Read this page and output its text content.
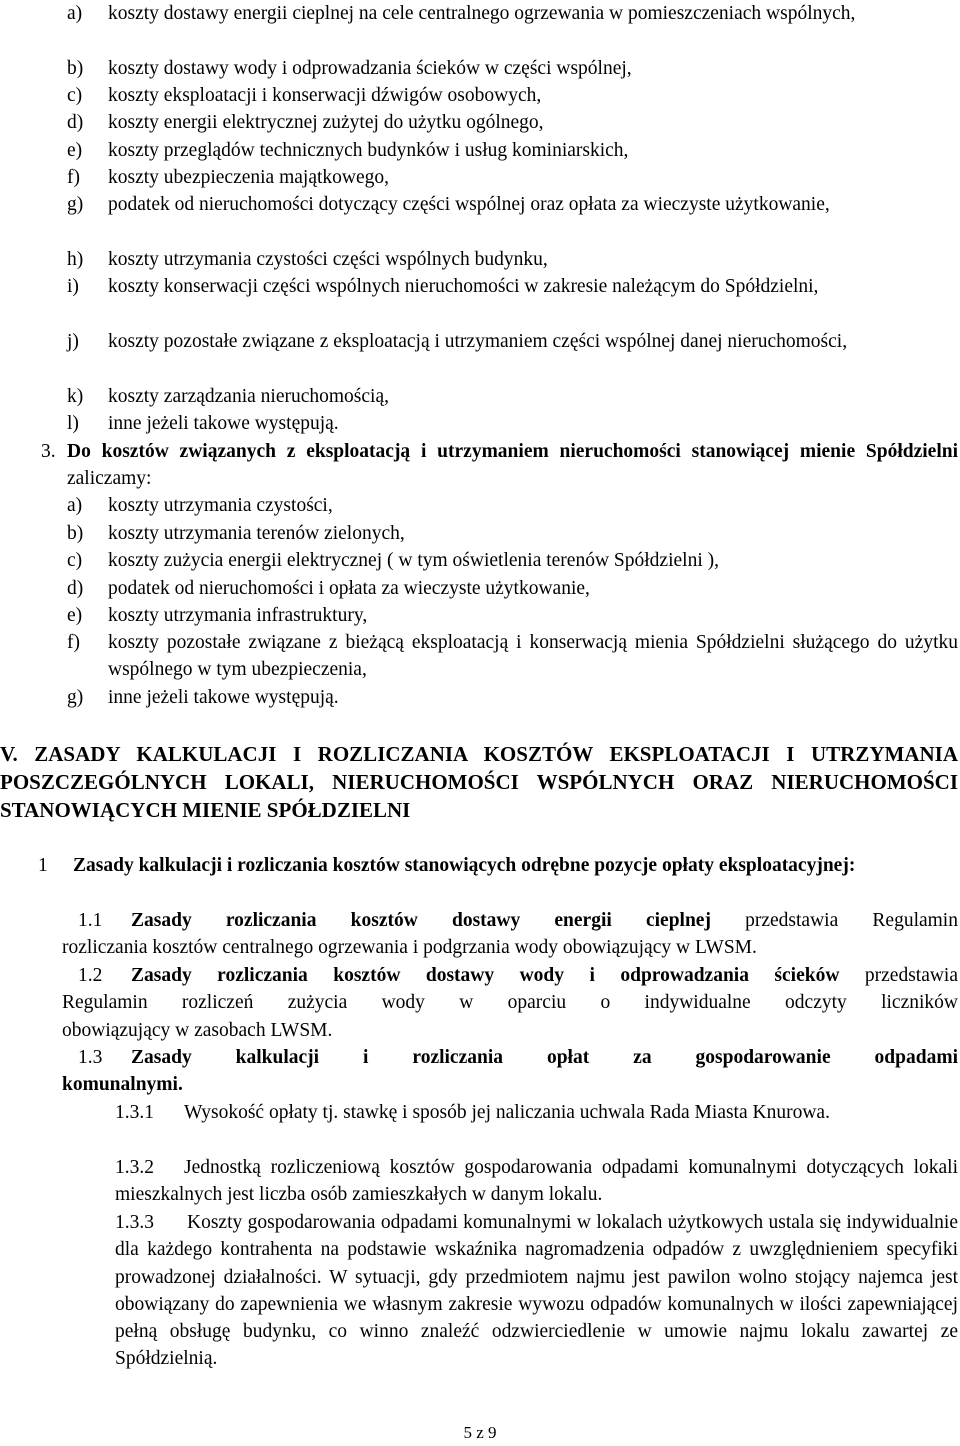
a)	koszty dostawy energii cieplnej na cele centralnego ogrzewania w pomieszczeniach wspólnych,
b)	koszty dostawy wody i odprowadzania ścieków w części wspólnej,
c)	koszty eksploatacji i konserwacji dźwigów osobowych,
d)	koszty energii elektrycznej zużytej do użytku ogólnego,
e)	koszty przeglądów technicznych budynków i usług kominiarskich,
f)	koszty ubezpieczenia majątkowego,
g)	podatek od nieruchomości dotyczący części wspólnej oraz opłata za wieczyste użytkowanie,
h)	koszty utrzymania czystości części wspólnych budynku,
i)	koszty konserwacji części wspólnych nieruchomości w zakresie należącym do Spółdzielni,
j)	koszty pozostałe związane z eksploatacją i utrzymaniem części wspólnej danej nieruchomości,
k)	koszty zarządzania nieruchomością,
l)	inne jeżeli takowe występują.
3. Do kosztów związanych z eksploatacją i utrzymaniem nieruchomości stanowiącej mienie Spółdzielni zaliczamy:
a)	koszty utrzymania czystości,
b)	koszty utrzymania terenów zielonych,
c)	koszty zużycia energii elektrycznej ( w tym oświetlenia terenów Spółdzielni ),
d)	podatek od nieruchomości i opłata za wieczyste użytkowanie,
e)	koszty utrzymania infrastruktury,
f)	koszty pozostałe związane z bieżącą eksploatacją i konserwacją mienia Spółdzielni służącego do użytku wspólnego w tym ubezpieczenia,
g)	inne jeżeli takowe występują.
V. ZASADY KALKULACJI I ROZLICZANIA KOSZTÓW EKSPLOATACJI I UTRZYMANIA POSZCZEGÓLNYCH LOKALI, NIERUCHOMOŚCI WSPÓLNYCH ORAZ NIERUCHOMOŚCI STANOWIĄCYCH MIENIE SPÓŁDZIELNI
1	Zasady kalkulacji i rozliczania kosztów stanowiących odrębne pozycje opłaty eksploatacyjnej:
1.1	Zasady rozliczania kosztów dostawy energii cieplnej przedstawia Regulamin
rozliczania kosztów centralnego ogrzewania i podgrzania wody obowiązujący w LWSM.
1.2	Zasady rozliczania kosztów dostawy wody i odprowadzania ścieków przedstawia
Regulamin rozliczeń zużycia wody w oparciu o indywidualne odczyty liczników
obowiązujący w zasobach LWSM.
1.3	Zasady kalkulacji i rozliczania opłat za gospodarowanie odpadami
komunalnymi.
1.3.1 Wysokość opłaty tj. stawkę i sposób jej naliczania uchwala Rada Miasta Knurowa.
1.3.2 Jednostką rozliczeniową kosztów gospodarowania odpadami komunalnymi dotyczących lokali mieszkalnych jest liczba osób zamieszkałych w danym lokalu.
1.3.3 Koszty gospodarowania odpadami komunalnymi w lokalach użytkowych ustala się indywidualnie dla każdego kontrahenta na podstawie wskaźnika nagromadzenia odpadów z uwzględnieniem specyfiki prowadzonej działalności. W sytuacji, gdy przedmiotem najmu jest pawilon wolno stojący najemca jest obowiązany do zapewnienia we własnym zakresie wywozu odpadów komunalnych w ilości zapewniającej pełną obsługę budynku, co winno znaleźć odzwierciedlenie w umowie najmu lokalu zawartej ze Spółdzielnią.
5 z 9
